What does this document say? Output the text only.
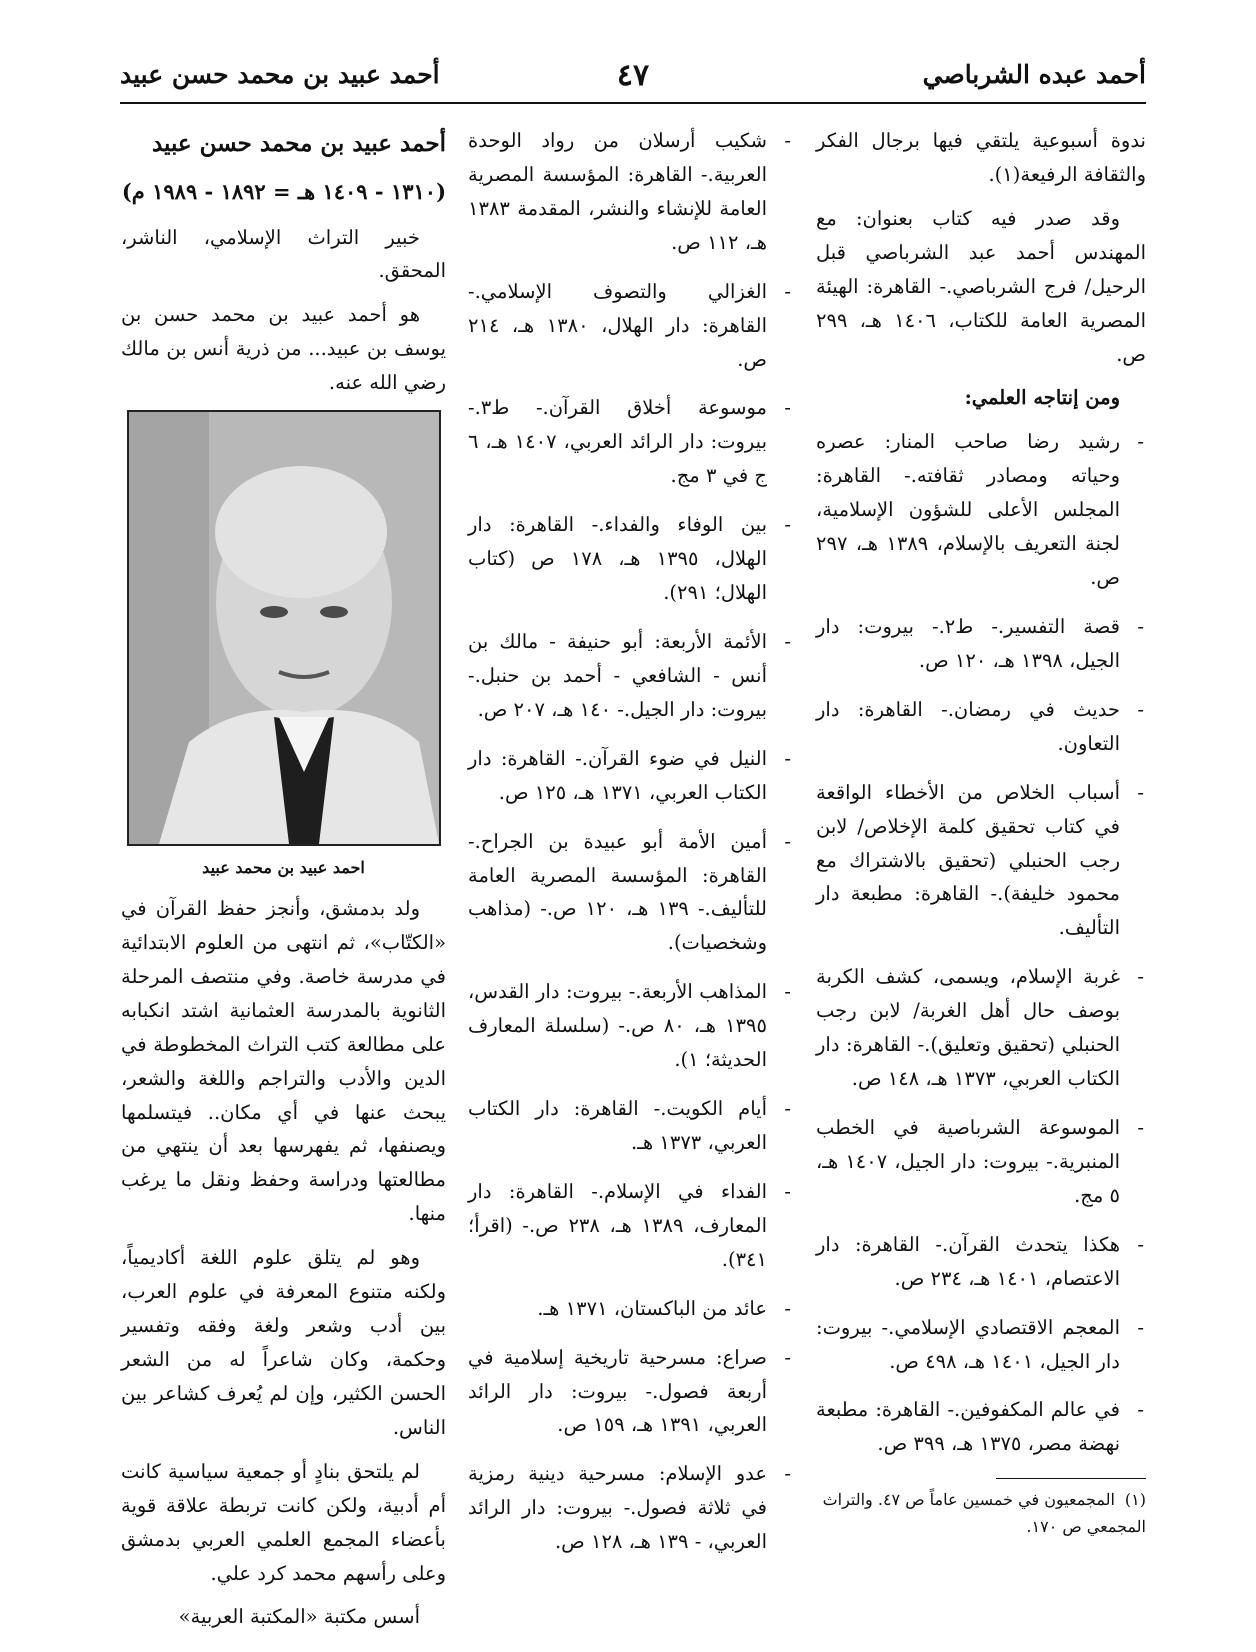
أحمد عبده الشرباصي
٤٧
أحمد عبيد بن محمد حسن عبيد

ندوة أسبوعية يلتقي فيها برجال الفكر والثقافة الرفيعة(١).

وقد صدر فيه كتاب بعنوان: مع المهندس أحمد عبد الشرباصي قبل الرحيل/ فرج الشرباصي.- القاهرة: الهيئة المصرية العامة للكتاب، ١٤٠٦ هـ، ٢٩٩ ص.

ومن إنتاجه العلمي:

- رشيد رضا صاحب المنار: عصره وحياته ومصادر ثقافته.- القاهرة: المجلس الأعلى للشؤون الإسلامية، لجنة التعريف بالإسلام، ١٣٨٩ هـ، ٢٩٧ ص.
- قصة التفسير.- ط٢.- بيروت: دار الجيل، ١٣٩٨ هـ، ١٢٠ ص.
- حديث في رمضان.- القاهرة: دار التعاون.
- أسباب الخلاص من الأخطاء الواقعة في كتاب تحقيق كلمة الإخلاص/ لابن رجب الحنبلي (تحقيق بالاشتراك مع محمود خليفة).- القاهرة: مطبعة دار التأليف.
- غربة الإسلام، ويسمى، كشف الكربة بوصف حال أهل الغربة/ لابن رجب الحنبلي (تحقيق وتعليق).- القاهرة: دار الكتاب العربي، ١٣٧٣ هـ، ١٤٨ ص.
- الموسوعة الشرباصية في الخطب المنبرية.- بيروت: دار الجيل، ١٤٠٧ هـ، ٥ مج.
- هكذا يتحدث القرآن.- القاهرة: دار الاعتصام، ١٤٠١ هـ، ٢٣٤ ص.
- المعجم الاقتصادي الإسلامي.- بيروت: دار الجيل، ١٤٠١ هـ، ٤٩٨ ص.
- في عالم المكفوفين.- القاهرة: مطبعة نهضة مصر، ١٣٧٥ هـ، ٣٩٩ ص.
- شكيب أرسلان من رواد الوحدة العربية.- القاهرة: المؤسسة المصرية العامة للإنشاء والنشر، المقدمة ١٣٨٣ هـ، ١١٢ ص.
- الغزالي والتصوف الإسلامي.- القاهرة: دار الهلال، ١٣٨٠ هـ، ٢١٤ ص.
- موسوعة أخلاق القرآن.- ط٣.- بيروت: دار الرائد العربي، ١٤٠٧ هـ، ٦ ج في ٣ مج.
- بين الوفاء والفداء.- القاهرة: دار الهلال، ١٣٩٥ هـ، ١٧٨ ص (كتاب الهلال؛ ٢٩١).
- الأئمة الأربعة: أبو حنيفة - مالك بن أنس - الشافعي - أحمد بن حنبل.- بيروت: دار الجيل.- ١٤٠ هـ، ٢٠٧ ص.
- النيل في ضوء القرآن.- القاهرة: دار الكتاب العربي، ١٣٧١ هـ، ١٢٥ ص.
- أمين الأمة أبو عبيدة بن الجراح.- القاهرة: المؤسسة المصرية العامة للتأليف.- ١٣٩ هـ، ١٢٠ ص.- (مذاهب وشخصيات).
- المذاهب الأربعة.- بيروت: دار القدس، ١٣٩٥ هـ، ٨٠ ص.- (سلسلة المعارف الحديثة؛ ١).
- أيام الكويت.- القاهرة: دار الكتاب العربي، ١٣٧٣ هـ.
- الفداء في الإسلام.- القاهرة: دار المعارف، ١٣٨٩ هـ، ٢٣٨ ص.- (اقرأ؛ ٣٤١).
- عائد من الباكستان، ١٣٧١ هـ.
- صراع: مسرحية تاريخية إسلامية في أربعة فصول.- بيروت: دار الرائد العربي، ١٣٩١ هـ، ١٥٩ ص.
- عدو الإسلام: مسرحية دينية رمزية في ثلاثة فصول.- بيروت: دار الرائد العربي، - ١٣٩ هـ، ١٢٨ ص.

أحمد عبيد بن محمد حسن عبيد

(١٣١٠ - ١٤٠٩ هـ = ١٨٩٢ - ١٩٨٩ م)

خبير التراث الإسلامي، الناشر، المحقق.

هو أحمد عبيد بن محمد حسن بن يوسف بن عبيد... من ذرية أنس بن مالك رضي الله عنه.

احمد عبيد بن محمد عبيد

ولد بدمشق، وأنجز حفظ القرآن في «الكتّاب»، ثم انتهى من العلوم الابتدائية في مدرسة خاصة. وفي منتصف المرحلة الثانوية بالمدرسة العثمانية اشتد انكبابه على مطالعة كتب التراث المخطوطة في الدين والأدب والتراجم واللغة والشعر، يبحث عنها في أي مكان.. فيتسلمها ويصنفها، ثم يفهرسها بعد أن ينتهي من مطالعتها ودراسة وحفظ ونقل ما يرغب منها.

وهو لم يتلق علوم اللغة أكاديمياً، ولكنه متنوع المعرفة في علوم العرب، بين أدب وشعر ولغة وفقه وتفسير وحكمة، وكان شاعراً له من الشعر الحسن الكثير، وإن لم يُعرف كشاعر بين الناس.

لم يلتحق بنادٍ أو جمعية سياسية كانت أم أدبية، ولكن كانت تربطة علاقة قوية بأعضاء المجمع العلمي العربي بدمشق وعلى رأسهم محمد كرد علي.

أسس مكتبة «المكتبة العربية»

(١)المجمعيون في خمسين عاماً ص ٤٧. والتراث المجمعي ص ١٧٠.
